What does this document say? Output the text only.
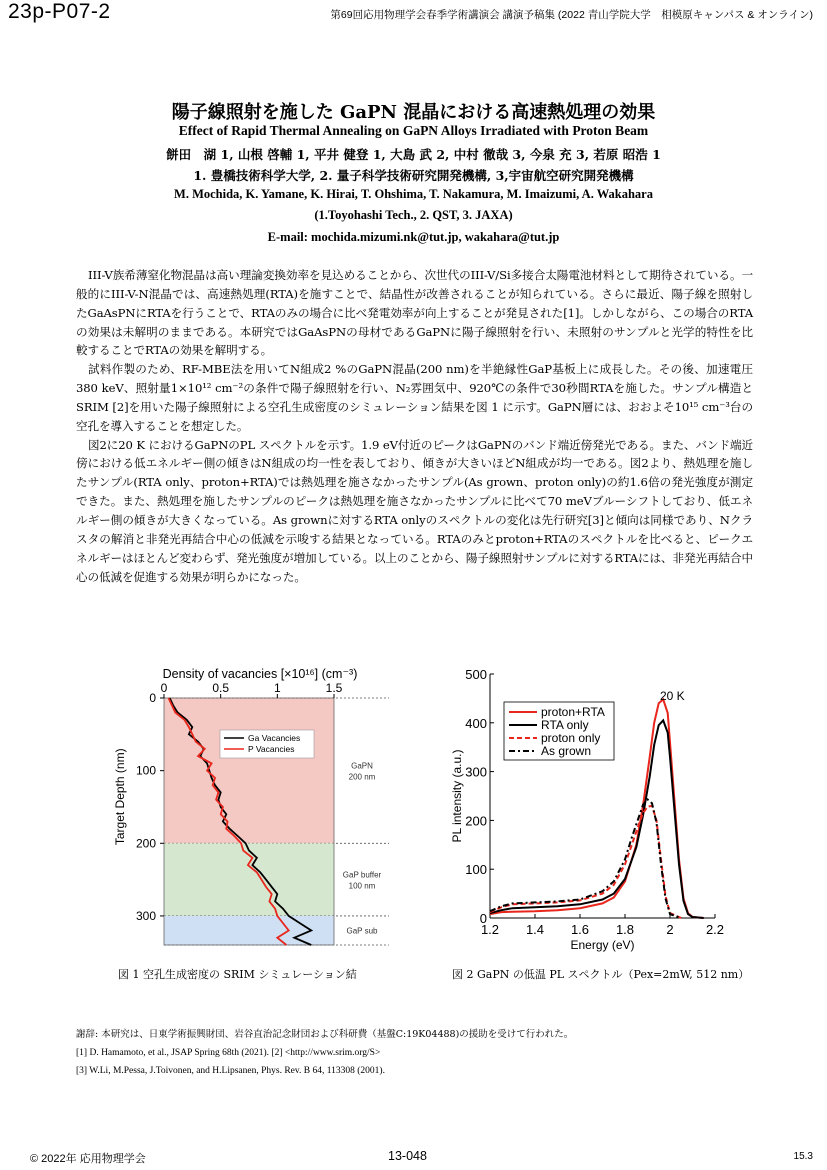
23p-P07-2	第69回応用物理学会春季学術講演会 講演予稿集 (2022 青山学院大学　相模原キャンパス & オンライン)
陽子線照射を施した GaPN 混晶における高速熱処理の効果
Effect of Rapid Thermal Annealing on GaPN Alloys Irradiated with Proton Beam
餅田　湖 1, 山根 啓輔 1, 平井 健登 1, 大島 武 2, 中村 徹哉 3, 今泉 充 3, 若原 昭浩 1
1. 豊橋技術科学大学, 2. 量子科学技術研究開発機構, 3,宇宙航空研究開発機構
M. Mochida, K. Yamane, K. Hirai, T. Ohshima, T. Nakamura, M. Imaizumi, A. Wakahara
(1.Toyohashi Tech., 2. QST, 3. JAXA)
E-mail: mochida.mizumi.nk@tut.jp, wakahara@tut.jp

III-V族希薄窒化物混晶は高い理論変換効率を見込めることから、次世代のIII-V/Si多接合太陽電池材料として期待されている。一般的にIII-V-N混晶では、高速熱処理(RTA)を施すことで、結晶性が改善されることが知られている。さらに最近、陽子線を照射したGaAsPNにRTAを行うことで、RTAのみの場合に比べ発電効率が向上することが発見された[1]。しかしながら、この場合のRTAの効果は未解明のままである。本研究ではGaAsPNの母材であるGaPNに陽子線照射を行い、未照射のサンプルと光学的特性を比較することでRTAの効果を解明する。

試料作製のため、RF-MBE法を用いてN組成2 %のGaPN混晶(200 nm)を半絶縁性GaP基板上に成長した。その後、加速電圧380 keV、照射量1×10¹² cm⁻²の条件で陽子線照射を行い、N₂雰囲気中、920℃の条件で30秒間RTAを施した。サンプル構造とSRIM [2]を用いた陽子線照射による空孔生成密度のシミュレーション結果を図 1 に示す。GaPN層には、おおよそ10¹⁵ cm⁻³台の空孔を導入することを想定した。

図2に20 K におけるGaPNのPL スペクトルを示す。1.9 eV付近のピークはGaPNのバンド端近傍発光である。また、バンド端近傍における低エネルギー側の傾きはN組成の均一性を表しており、傾きが大きいほどN組成が均一である。図2より、熱処理を施したサンプル(RTA only、proton+RTA)では熱処理を施さなかったサンプル(As grown、proton only)の約1.6倍の発光強度が測定できた。また、熱処理を施したサンプルのピークは熱処理を施さなかったサンプルに比べて70 meVブルーシフトしており、低エネルギー側の傾きが大きくなっている。As grownに対するRTA onlyのスペクトルの変化は先行研究[3]と傾向は同様であり、Nクラスタの解消と非発光再結合中心の低減を示唆する結果となっている。RTAのみとproton+RTAのスペクトルを比べると、ピークエネルギーはほとんど変わらず、発光強度が増加している。以上のことから、陽子線照射サンプルに対するRTAには、非発光再結合中心の低減を促進する効果が明らかになった。

Density of vacancies [×10¹⁶] (cm⁻³)
GaPN
200 nm
GaP buffer
100 nm
GaP sub
0	0.5	1	1.5
0
100
200
300
Target Depth (nm)
Ga Vacancies
P Vacancies
1.2 1.4 1.6 1.8 2 2.2
0
100
200
300
400
500
Energy (eV)
PL intensity (a.u.)
proton+RTA
RTA only
proton only
As grown
20 K
図 1 空孔生成密度の SRIM シミュレーション結	図 2 GaPN の低温 PL スペクトル（Pex=2mW, 512 nm）
謝辞: 本研究は、日東学術振興財団、岩谷直治記念財団および科研費（基盤C:19K04488)の援助を受けて行われた。
[1] D. Hamamoto, et al., JSAP Spring 68th (2021). [2] <http://www.srim.org/S>
[3] W.Li, M.Pessa, J.Toivonen, and H.Lipsanen, Phys. Rev. B 64, 113308 (2001).
© 2022年 応用物理学会	13-048	15.3
